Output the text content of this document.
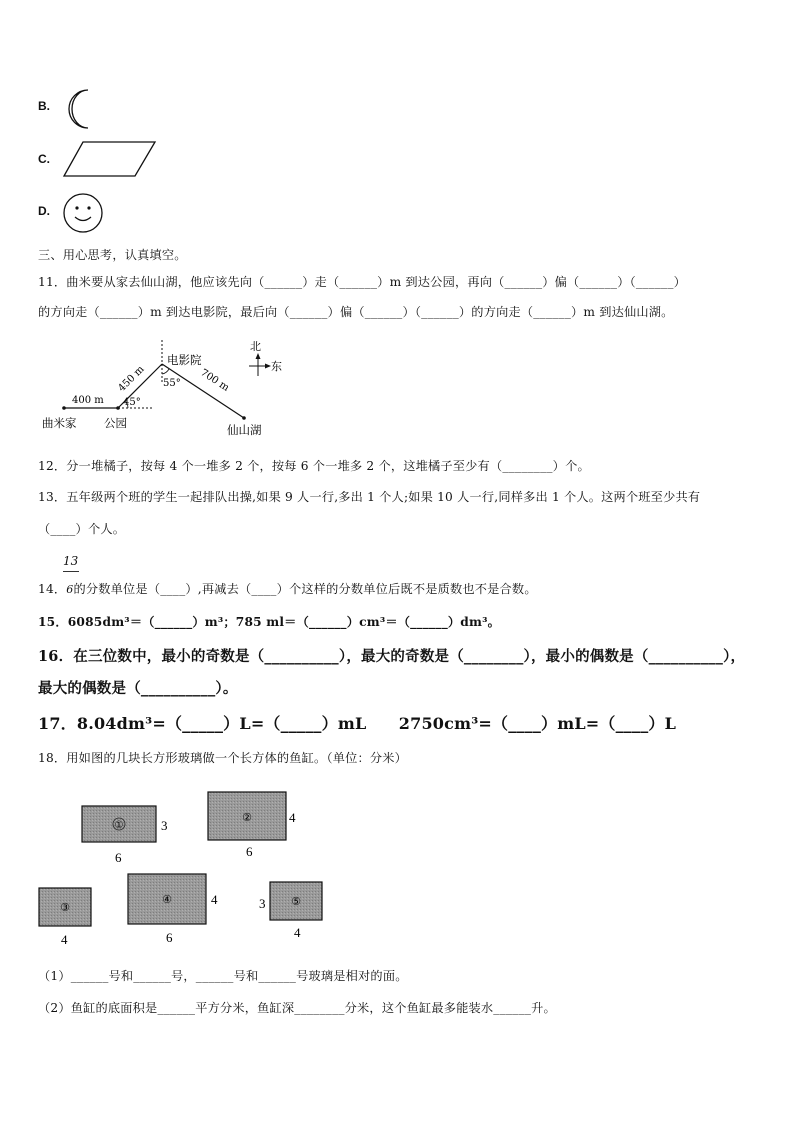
B.
C.
D.
三、用心思考，认真填空。
11．曲米要从家去仙山湖，他应该先向（______）走（______）m 到达公园，再向（______）偏（______）（______）
的方向走（______）m 到达电影院，最后向（______）偏（______）（______）的方向走（______）m 到达仙山湖。
北
东
400 m 45°
450 m 55° 700 m
电影院
曲米家 公园	仙山湖
12．分一堆橘子，按每 4 个一堆多 2 个，按每 6 个一堆多 2 个，这堆橘子至少有（________）个。
13．五年级两个班的学生一起排队出操,如果 9 人一行,多出 1 个人;如果 10 人一行,同样多出 1 个人。这两个班至少共有
（____）个人。
13
14．6的分数单位是（____）,再减去（____）个这样的分数单位后既不是质数也不是合数。
15．6085dm³＝（______）m³；785 ml＝（______）cm³＝（______）dm³。
16．在三位数中，最小的奇数是（__________），最大的奇数是（________），最小的偶数是（__________），
最大的偶数是（__________）。
17．8.04dm³=（_____）L=（_____）mL　　2750cm³=（____）mL=（____）L
18．用如图的几块长方形玻璃做一个长方体的鱼缸。（单位：分米）
①	3
6
②	4
6
③
4
④	4
6
⑤
3
4
（1）______号和______号，______号和______号玻璃是相对的面。
（2）鱼缸的底面积是______平方分米，鱼缸深________分米，这个鱼缸最多能装水______升。
